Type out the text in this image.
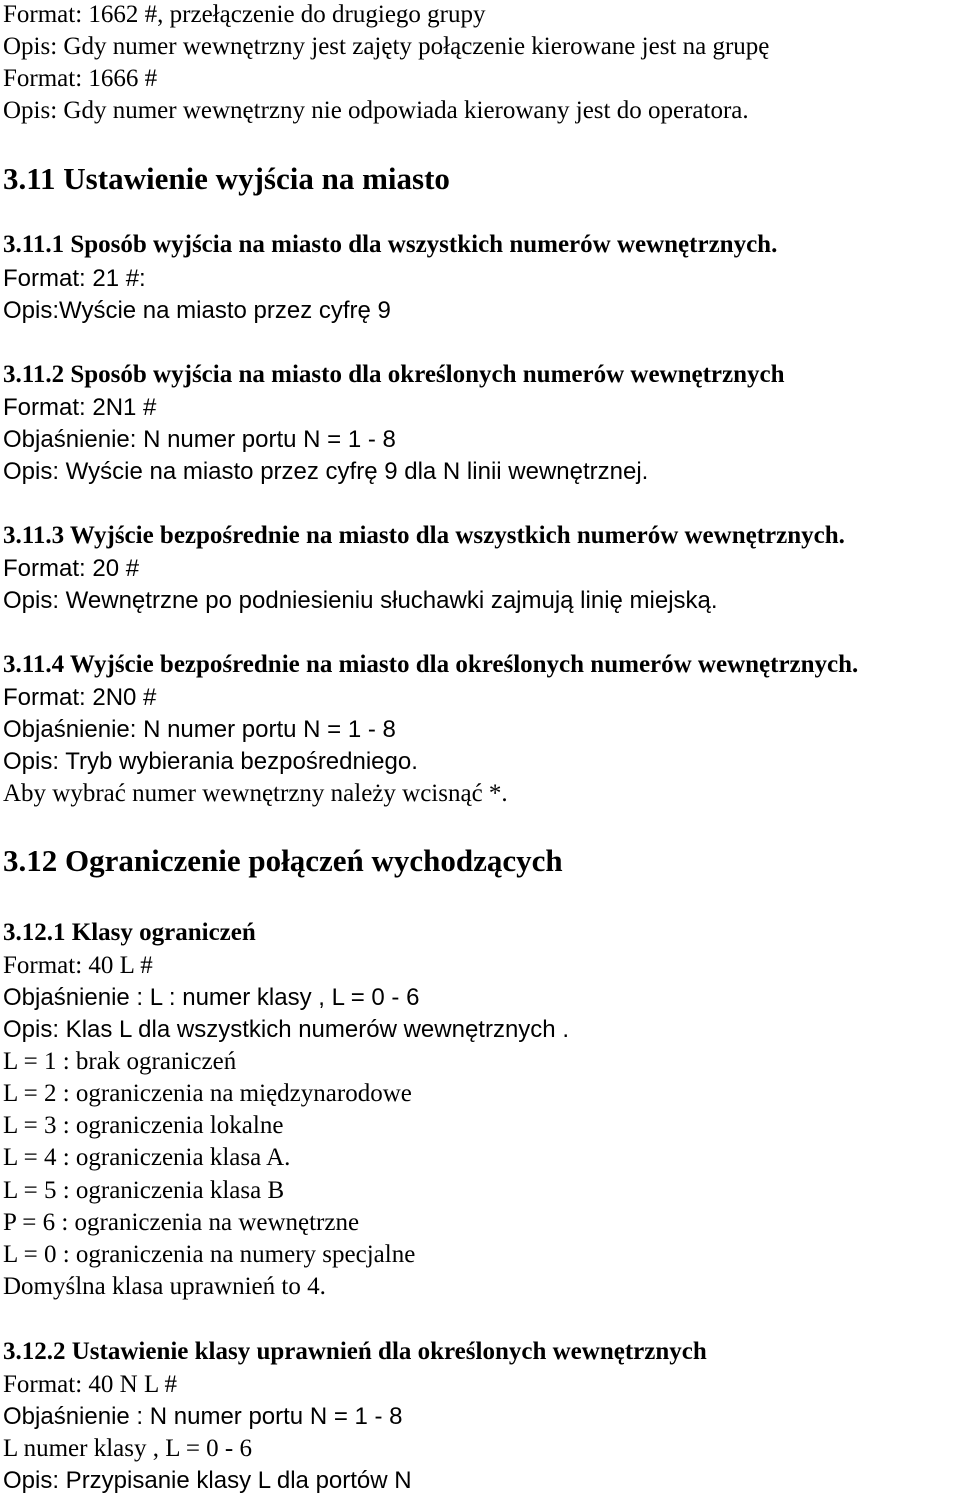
Format: 1662 #, przełączenie do drugiego grupy
Opis: Gdy numer wewnętrzny jest zajęty połączenie kierowane jest na grupę
Format: 1666 #
Opis: Gdy numer wewnętrzny nie odpowiada kierowany jest do operatora.
3.11 Ustawienie wyjścia na miasto
3.11.1 Sposób wyjścia na miasto dla wszystkich numerów wewnętrznych.
Format: 21 #:
Opis:Wyście na miasto przez cyfrę 9
3.11.2 Sposób wyjścia na miasto dla określonych numerów wewnętrznych
Format: 2N1 #
Objaśnienie: N numer portu N = 1 - 8
Opis: Wyście na miasto przez cyfrę 9 dla N linii wewnętrznej.
3.11.3 Wyjście bezpośrednie na miasto dla wszystkich numerów wewnętrznych.
Format: 20 #
Opis: Wewnętrzne po podniesieniu słuchawki zajmują linię miejską.
3.11.4 Wyjście bezpośrednie na miasto dla określonych numerów wewnętrznych.
Format: 2N0 #
Objaśnienie: N numer portu N = 1 - 8
Opis: Tryb wybierania bezpośredniego.
Aby wybrać numer wewnętrzny należy wcisnąć *.
3.12 Ograniczenie połączeń wychodzących
3.12.1 Klasy ograniczeń
Format: 40 L #
Objaśnienie : L : numer klasy , L = 0 - 6
Opis: Klas L dla wszystkich numerów wewnętrznych .
L = 1 : brak ograniczeń
L = 2 : ograniczenia na międzynarodowe
L = 3 : ograniczenia lokalne
L = 4 : ograniczenia klasa A.
L = 5 : ograniczenia klasa B
P = 6 : ograniczenia na wewnętrzne
L = 0 : ograniczenia na numery specjalne
Domyślna klasa uprawnień to 4.
3.12.2 Ustawienie klasy uprawnień dla określonych wewnętrznych
Format: 40 N L #
Objaśnienie : N numer portu N = 1 - 8
L numer klasy , L = 0 - 6
Opis: Przypisanie klasy L dla portów N
